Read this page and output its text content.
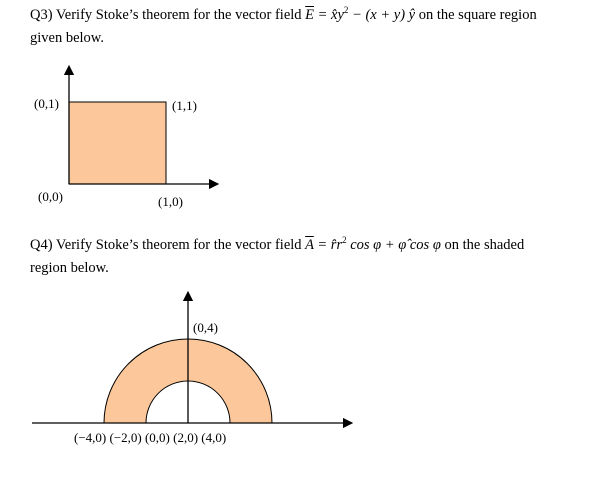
Q3) Verify Stoke’s theorem for the vector field $\overline{E}$ = $x̂y^2 - (x + y)$ ŷ on the square region
given below.
(0,1)	(1,1)
(0,0)	(1,0)
Q4) Verify Stoke’s theorem for the vector field $\overline{A}$ = $r̂r^2$ cos φ + φ̂ cos φ on the shaded
region below.
(0,4)
(−4,0) (−2,0) (0,0) (2,0) (4,0)
